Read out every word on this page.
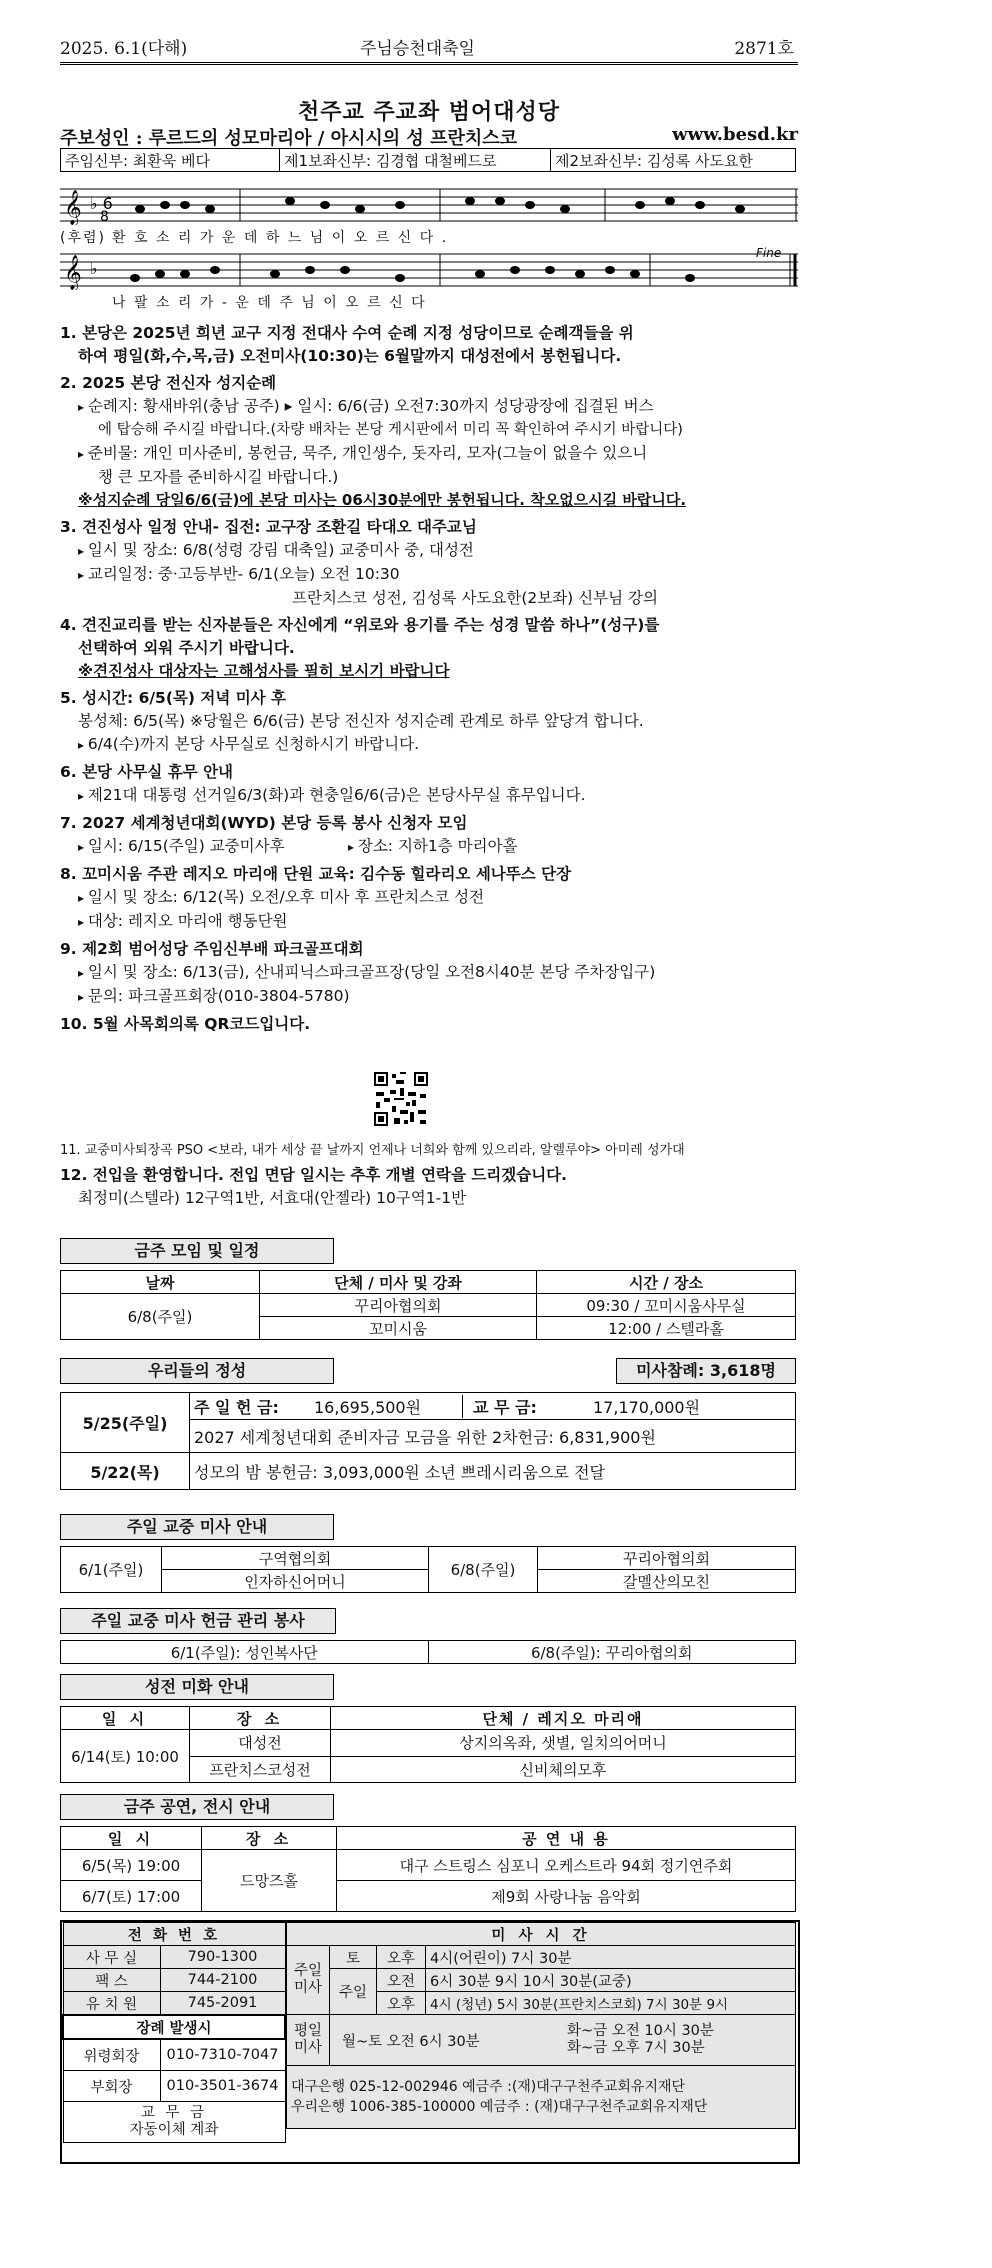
2025. 6.1(다해)	주님승천대축일	2871호
천주교 주교좌 범어대성당
주보성인 : 루르드의 성모마리아 / 아시시의 성 프란치스코	www.besd.kr
주임신부: 최환욱 베다	제1보좌신부: 김경협 대철베드로	제2보좌신부: 김성록 사도요한
𝄞 ♭ 6
8
(후렴) 환 호 소 리 가 운 데 하 느 님 이 오 르 신 다 .
𝄞 ♭
Fine
나 팔 소 리 가 - 운 데 주 님 이 오 르 신 다
1. 본당은 2025년 희년 교구 지정 전대사 수여 순례 지정 성당이므로 순례객들을 위
하여 평일(화,수,목,금) 오전미사(10:30)는 6월말까지 대성전에서 봉헌됩니다.
2. 2025 본당 전신자 성지순례
▸ 순례지: 황새바위(충남 공주) ▸ 일시: 6/6(금) 오전7:30까지 성당광장에 집결된 버스
에 탑승해 주시길 바랍니다.(차량 배차는 본당 게시판에서 미리 꼭 확인하여 주시기 바랍니다)
▸ 준비물: 개인 미사준비, 봉헌금, 묵주, 개인생수, 돗자리, 모자(그늘이 없을수 있으니
챙 큰 모자를 준비하시길 바랍니다.)
※성지순례 당일6/6(금)에 본당 미사는 06시30분에만 봉헌됩니다. 착오없으시길 바랍니다.
3. 견진성사 일정 안내- 집전: 교구장 조환길 타대오 대주교님
▸ 일시 및 장소: 6/8(성령 강림 대축일) 교중미사 중, 대성전
▸ 교리일정: 중·고등부반- 6/1(오늘) 오전 10:30
프란치스코 성전, 김성록 사도요한(2보좌) 신부님 강의
4. 견진교리를 받는 신자분들은 자신에게 “위로와 용기를 주는 성경 말씀 하나”(성구)를
선택하여 외워 주시기 바랍니다.
※견진성사 대상자는 고해성사를 필히 보시기 바랍니다
5. 성시간: 6/5(목) 저녁 미사 후
봉성체: 6/5(목) ※당월은 6/6(금) 본당 전신자 성지순례 관계로 하루 앞당겨 합니다.
▸ 6/4(수)까지 본당 사무실로 신청하시기 바랍니다.
6. 본당 사무실 휴무 안내
▸ 제21대 대통령 선거일6/3(화)과 현충일6/6(금)은 본당사무실 휴무입니다.
7. 2027 세계청년대회(WYD) 본당 등록 봉사 신청자 모임
▸ 일시: 6/15(주일) 교중미사후	▸ 장소: 지하1층 마리아홀
8. 꼬미시움 주관 레지오 마리애 단원 교육: 김수동 힐라리오 세나뚜스 단장
▸ 일시 및 장소: 6/12(목) 오전/오후 미사 후 프란치스코 성전
▸ 대상: 레지오 마리애 행동단원
9. 제2회 범어성당 주임신부배 파크골프대회
▸ 일시 및 장소: 6/13(금), 산내피닉스파크골프장(당일 오전8시40분 본당 주차장입구)
▸ 문의: 파크골프회장(010-3804-5780)
10. 5월 사목회의록 QR코드입니다.
11. 교중미사퇴장곡 PSO <보라, 내가 세상 끝 날까지 언제나 너희와 함께 있으리라, 알렐루야> 아미레 성가대
12. 전입을 환영합니다. 전입 면담 일시는 추후 개별 연락을 드리겠습니다.
최정미(스텔라) 12구역1반, 서효대(안젤라) 10구역1-1반
금주 모임 및 일정
날짜	단체 / 미사 및 강좌	시간 / 장소
6/8(주일)	꾸리아협의회	09:30 / 꼬미시움사무실
	꼬미시움	12:00 / 스텔라홀
우리들의 정성	미사참례: 3,618명
5/25(주일)	주 일 헌 금: 16,695,500원 교 무 금: 17,170,000원
	2027 세계청년대회 준비자금 모금을 위한 2차헌금: 6,831,900원
5/22(목)	성모의 밤 봉헌금: 3,093,000원 소년 쁘레시리움으로 전달
주일 교중 미사 안내
6/1(주일)	구역협의회	6/8(주일)	꾸리아협의회
	인자하신어머니		갈멜산의모친
주일 교중 미사 헌금 관리 봉사
6/1(주일): 성인복사단	6/8(주일): 꾸리아협의회
성전 미화 안내
일 시	장 소	단체 / 레지오 마리애
6/14(토) 10:00	대성전	상지의옥좌, 샛별, 일치의어머니
	프란치스코성전	신비체의모후
금주 공연, 전시 안내
일 시	장 소	공 연 내 용
6/5(목) 19:00	드망즈홀	대구 스트링스 심포니 오케스트라 94회 정기연주회
6/7(토) 17:00		제9회 사랑나눔 음악회
전 화 번 호	
사 무 실	790-1300
팩 스	744-2100
유 치 원	745-2091
장례 발생시	
위령회장	010-7310-7047
부회장	010-3501-3674

교 무 금
자동이체 계좌	
미 사 시 간			
주일 미사	토	오후	4시(어린이) 7시 30분
	주일	오전	6시 30분 9시 10시 30분(교중)
		오후	4시 (청년) 5시 30분(프란치스코회) 7시 30분 9시
평일 미사	월~토 오전 6시 30분
화~금 오전 10시 30분
화~금 오후 7시 30분		

대구은행 025-12-002946 예금주 :(재)대구구천주교회유지재단
우리은행 1006-385-100000 예금주 : (재)대구구천주교회유지재단			
